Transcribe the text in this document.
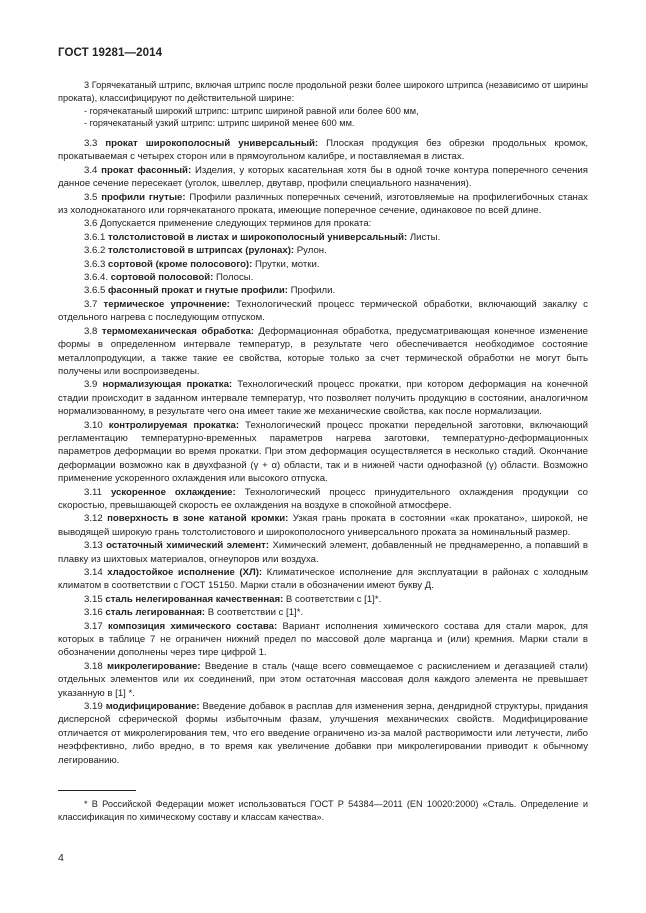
ГОСТ 19281—2014

3 Горячекатаный штрипс, включая штрипс после продольной резки более широкого штрипса (независимо от ширины проката), классифицируют по действительной ширине:

- горячекатаный широкий штрипс: штрипс шириной равной или более 600 мм,

- горячекатаный узкий штрипс: штрипс шириной менее 600 мм.

3.3 прокат широкополосный универсальный: Плоская продукция без обрезки продольных кромок, прокатываемая с четырех сторон или в прямоугольном калибре, и поставляемая в листах.

3.4 прокат фасонный: Изделия, у которых касательная хотя бы в одной точке контура поперечного сечения данное сечение пересекает (уголок, швеллер, двутавр, профили специального назначения).

3.5 профили гнутые: Профили различных поперечных сечений, изготовляемые на профилегибочных станах из холоднокатаного или горячекатаного проката, имеющие поперечное сечение, одинаковое по всей длине.

3.6 Допускается применение следующих терминов для проката:

3.6.1 толстолистовой в листах и широкополосный универсальный: Листы.

3.6.2 толстолистовой в штрипсах (рулонах): Рулон.

3.6.3 сортовой (кроме полосового): Прутки, мотки.

3.6.4. сортовой полосовой: Полосы.

3.6.5 фасонный прокат и гнутые профили: Профили.

3.7 термическое упрочнение: Технологический процесс термической обработки, включающий закалку с отдельного нагрева с последующим отпуском.

3.8 термомеханическая обработка: Деформационная обработка, предусматривающая конечное изменение формы в определенном интервале температур, в результате чего обеспечивается необходимое состояние металлопродукции, а также такие ее свойства, которые только за счет термической обработки не могут быть получены или воспроизведены.

3.9 нормализующая прокатка: Технологический процесс прокатки, при котором деформация на конечной стадии происходит в заданном интервале температур, что позволяет получить продукцию в состоянии, аналогичном нормализованному, в результате чего она имеет такие же механические свойства, как после нормализации.

3.10 контролируемая прокатка: Технологический процесс прокатки передельной заготовки, включающий регламентацию температурно-временных параметров нагрева заготовки, температурно-деформационных параметров деформации во время прокатки. При этом деформация осуществляется в несколько стадий. Окончание деформации возможно как в двухфазной (γ + α) области, так и в нижней части однофазной (γ) области. Возможно применение ускоренного охлаждения или высокого отпуска.

3.11 ускоренное охлаждение: Технологический процесс принудительного охлаждения продукции со скоростью, превышающей скорость ее охлаждения на воздухе в спокойной атмосфере.

3.12 поверхность в зоне катаной кромки: Узкая грань проката в состоянии «как прокатано», широкой, не выводящей широкую грань толстолистового и широкополосного универсального проката за номинальный размер.

3.13 остаточный химический элемент: Химический элемент, добавленный не преднамеренно, а попавший в плавку из шихтовых материалов, огнеупоров или воздуха.

3.14 хладостойкое исполнение (ХЛ): Климатическое исполнение для эксплуатации в районах с холодным климатом в соответствии с ГОСТ 15150. Марки стали в обозначении имеют букву Д.

3.15 сталь нелегированная качественная: В соответствии с [1]*.

3.16 сталь легированная: В соответствии с [1]*.

3.17 композиция химического состава: Вариант исполнения химического состава для стали марок, для которых в таблице 7 не ограничен нижний предел по массовой доле марганца и (или) кремния. Марки стали в обозначении дополнены через тире цифрой 1.

3.18 микролегирование: Введение в сталь (чаще всего совмещаемое с раскислением и дегазацией стали) отдельных элементов или их соединений, при этом остаточная массовая доля каждого элемента не превышает указанную в [1] *.

3.19 модифицирование: Введение добавок в расплав для изменения зерна, дендридной структуры, придания дисперсной сферической формы избыточным фазам, улучшения механических свойств. Модифицирование отличается от микролегирования тем, что его введение ограничено из-за малой растворимости или летучести, либо неэффективно, либо вредно, в то время как увеличение добавки при микролегировании приводит к обычному легированию.

* В Российской Федерации может использоваться ГОСТ Р 54384—2011 (EN 10020:2000) «Сталь. Определение и классификация по химическому составу и классам качества».

4
